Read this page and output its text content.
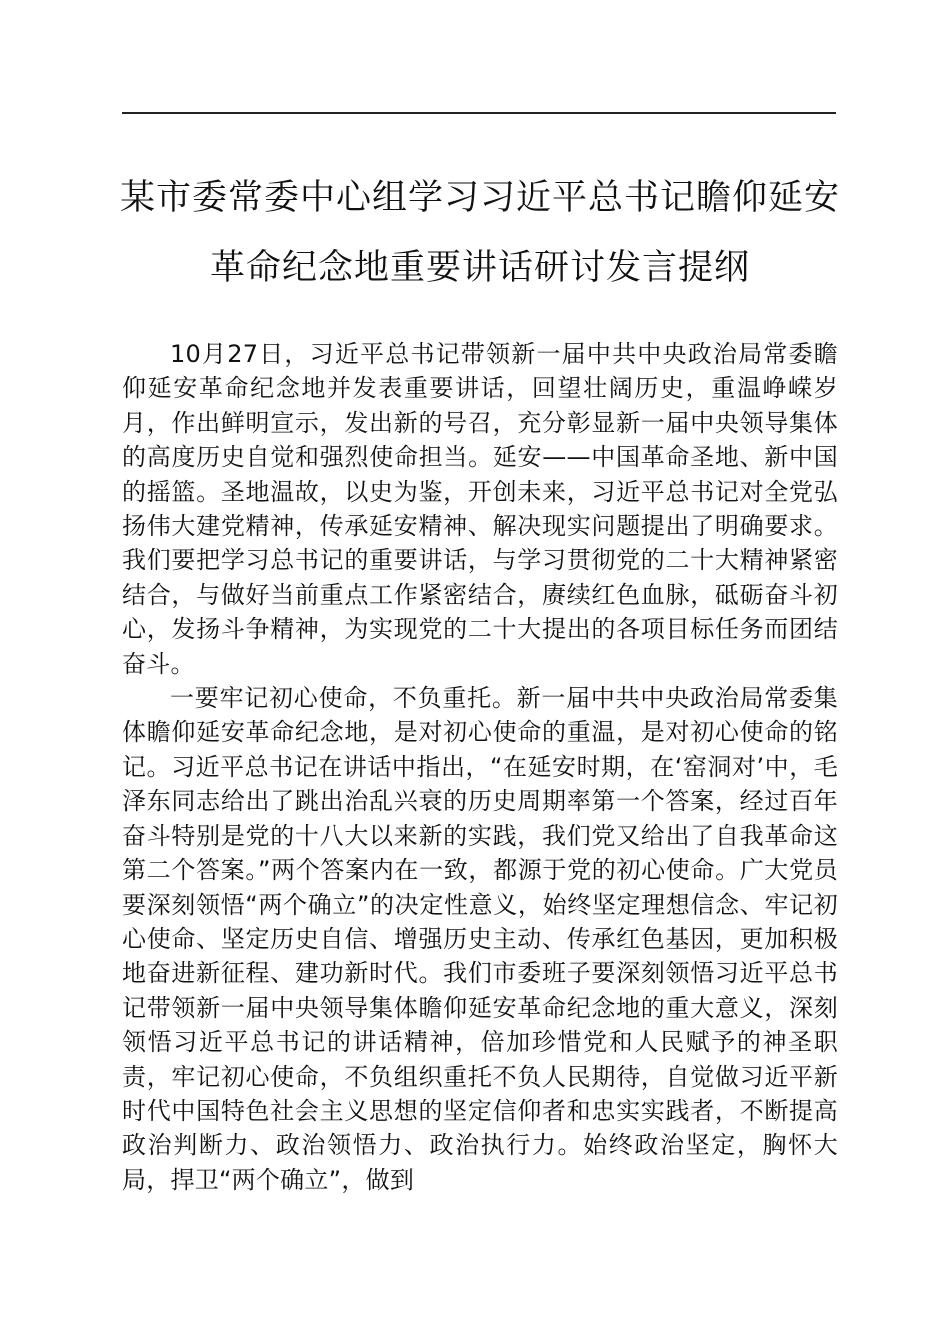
某市委常委中心组学习习近平总书记瞻仰延安
革命纪念地重要讲话研讨发言提纲

10月27日，习近平总书记带领新一届中共中央政治局常委瞻仰延安革命纪念地并发表重要讲话，回望壮阔历史，重温峥嵘岁月，作出鲜明宣示，发出新的号召，充分彰显新一届中央领导集体的高度历史自觉和强烈使命担当。延安——中国革命圣地、新中国的摇篮。圣地温故，以史为鉴，开创未来，习近平总书记对全党弘扬伟大建党精神，传承延安精神、解决现实问题提出了明确要求。我们要把学习总书记的重要讲话，与学习贯彻党的二十大精神紧密结合，与做好当前重点工作紧密结合，赓续红色血脉，砥砺奋斗初心，发扬斗争精神，为实现党的二十大提出的各项目标任务而团结奋斗。

一要牢记初心使命，不负重托。新一届中共中央政治局常委集体瞻仰延安革命纪念地，是对初心使命的重温，是对初心使命的铭记。习近平总书记在讲话中指出，“在延安时期，在‘窑洞对’中，毛泽东同志给出了跳出治乱兴衰的历史周期率第一个答案，经过百年奋斗特别是党的十八大以来新的实践，我们党又给出了自我革命这第二个答案。”两个答案内在一致，都源于党的初心使命。广大党员要深刻领悟“两个确立”的决定性意义，始终坚定理想信念、牢记初心使命、坚定历史自信、增强历史主动、传承红色基因，更加积极地奋进新征程、建功新时代。我们市委班子要深刻领悟习近平总书记带领新一届中央领导集体瞻仰延安革命纪念地的重大意义，深刻领悟习近平总书记的讲话精神，倍加珍惜党和人民赋予的神圣职责，牢记初心使命，不负组织重托不负人民期待，自觉做习近平新时代中国特色社会主义思想的坚定信仰者和忠实实践者，不断提高政治判断力、政治领悟力、政治执行力。始终政治坚定，胸怀大局，捍卫“两个确立”，做到
